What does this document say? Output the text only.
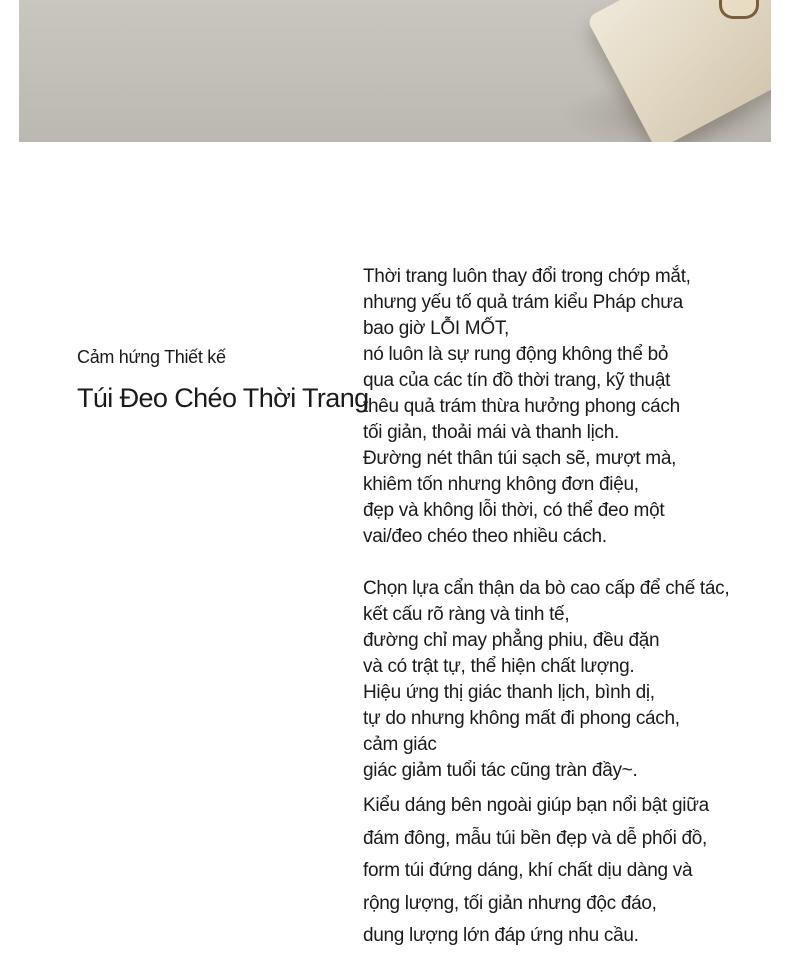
Cảm hứng Thiết kế
Túi Đeo Chéo Thời Trang
Thời trang luôn thay đổi trong chớp mắt,
nhưng yếu tố quả trám kiểu Pháp chưa
bao giờ LỖI MỐT,
nó luôn là sự rung động không thể bỏ
qua của các tín đồ thời trang, kỹ thuật
thêu quả trám thừa hưởng phong cách
tối giản, thoải mái và thanh lịch.
Đường nét thân túi sạch sẽ, mượt mà,
khiêm tốn nhưng không đơn điệu,
đẹp và không lỗi thời, có thể đeo một
vai/đeo chéo theo nhiều cách.
Chọn lựa cẩn thận da bò cao cấp để chế tác,
kết cấu rõ ràng và tinh tế,
đường chỉ may phẳng phiu, đều đặn
và có trật tự, thể hiện chất lượng.
Hiệu ứng thị giác thanh lịch, bình dị,
tự do nhưng không mất đi phong cách,
cảm giác
giác giảm tuổi tác cũng tràn đầy~.
Kiểu dáng bên ngoài giúp bạn nổi bật giữa
đám đông, mẫu túi bền đẹp và dễ phối đồ,
form túi đứng dáng, khí chất dịu dàng và
rộng lượng, tối giản nhưng độc đáo,
dung lượng lớn đáp ứng nhu cầu.
